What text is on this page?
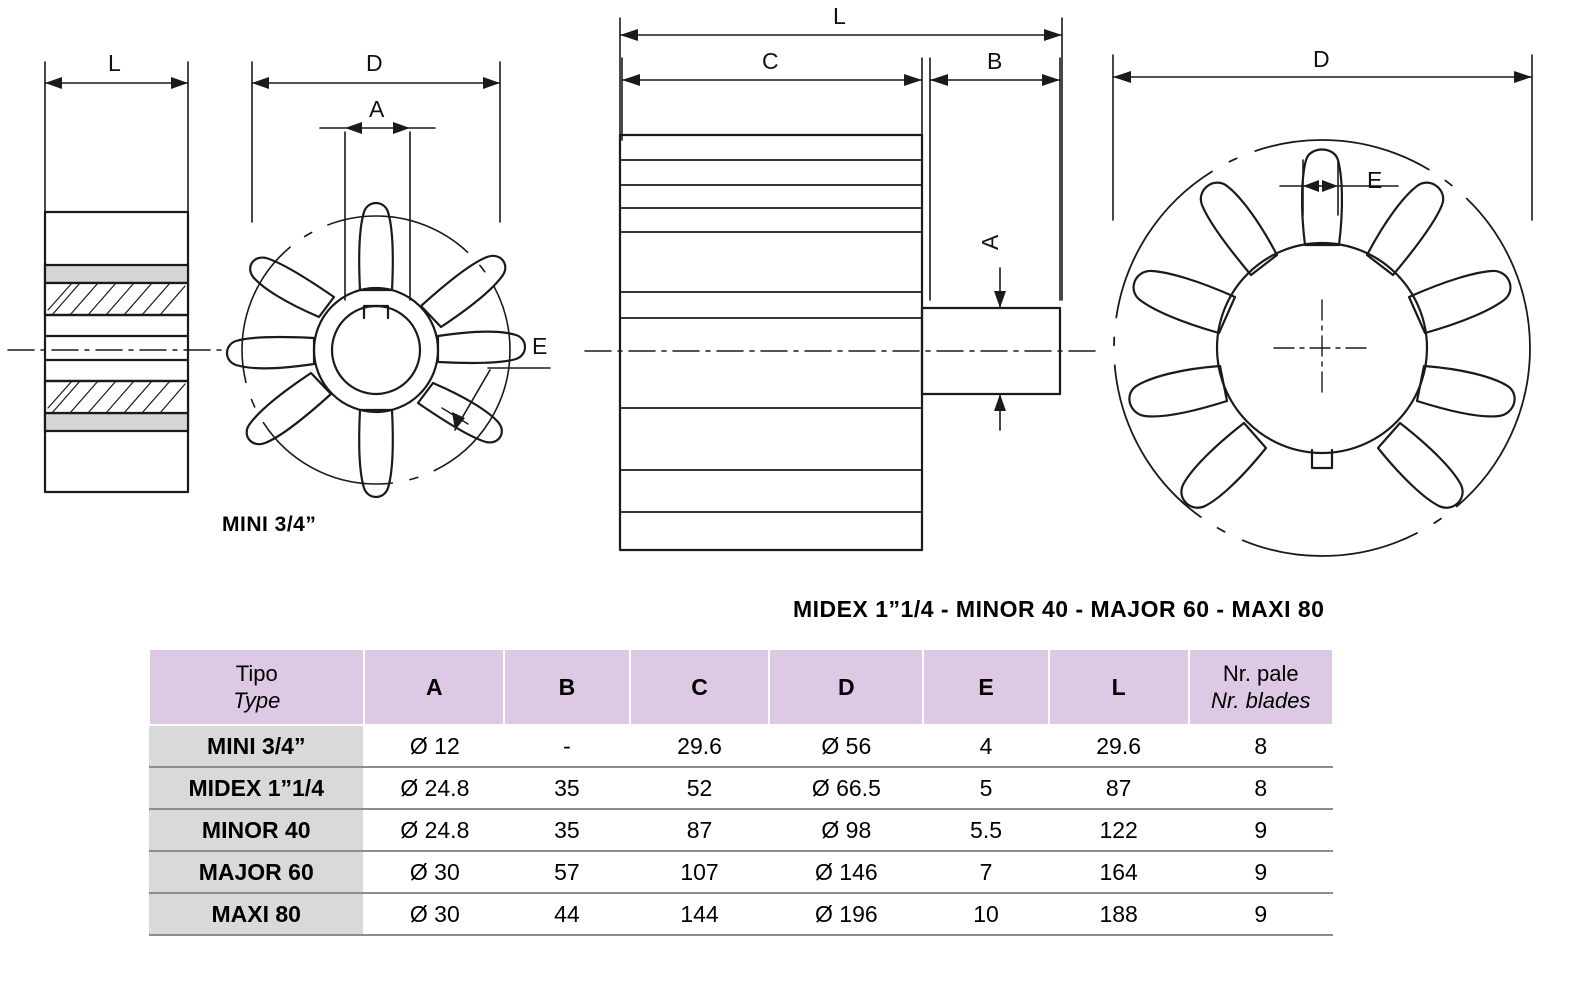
L	D
A
E
L
C	B
A
D
E
MINI 3/4”
MIDEX 1”1/4 - MINOR 40 - MAJOR 60 - MAXI 80
Tipo
Type	A	B	C	D	E	L	Nr. pale
Nr. blades
MINI 3/4”	Ø 12	-	29.6	Ø 56	4	29.6	8
MIDEX 1”1/4	Ø 24.8	35	52	Ø 66.5	5	87	8
MINOR 40	Ø 24.8	35	87	Ø 98	5.5	122	9
MAJOR 60	Ø 30	57	107	Ø 146	7	164	9
MAXI 80	Ø 30	44	144	Ø 196	10	188	9
